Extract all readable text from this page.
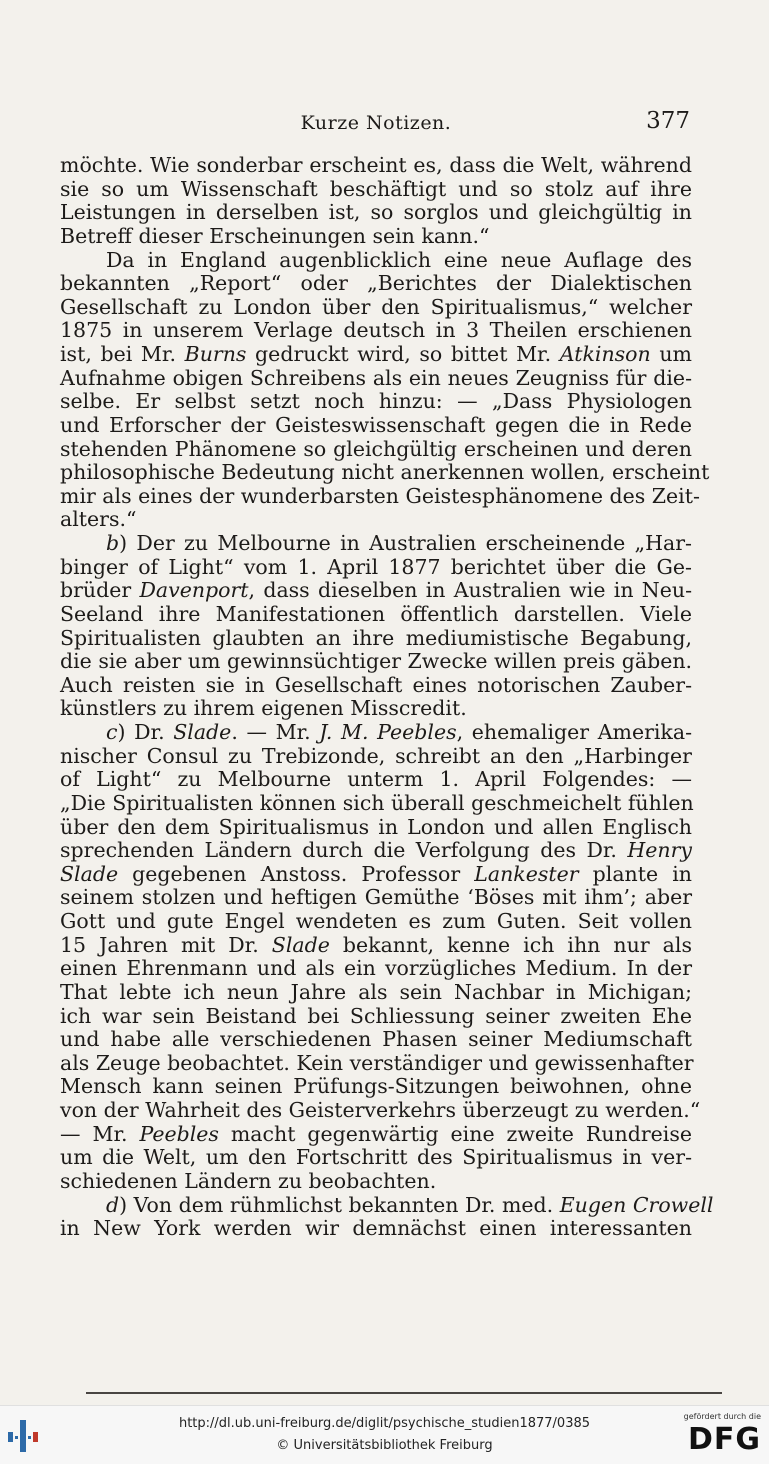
Kurze Notizen.	377
möchte. Wie sonderbar erscheint es, dass die Welt, während
sie so um Wissenschaft beschäftigt und so stolz auf ihre
Leistungen in derselben ist, so sorglos und gleichgültig in
Betreff dieser Erscheinungen sein kann.“
Da in England augenblicklich eine neue Auflage des
bekannten „Report“ oder „Berichtes der Dialektischen
Gesellschaft zu London über den Spiritualismus,“ welcher
1875 in unserem Verlage deutsch in 3 Theilen erschienen
ist, bei Mr. Burns gedruckt wird, so bittet Mr. Atkinson um
Aufnahme obigen Schreibens als ein neues Zeugniss für die-
selbe. Er selbst setzt noch hinzu: — „Dass Physiologen
und Erforscher der Geisteswissenschaft gegen die in Rede
stehenden Phänomene so gleichgültig erscheinen und deren
philosophische Bedeutung nicht anerkennen wollen, erscheint
mir als eines der wunderbarsten Geistesphänomene des Zeit-
alters.“
b) Der zu Melbourne in Australien erscheinende „Har-
binger of Light“ vom 1. April 1877 berichtet über die Ge-
brüder Davenport, dass dieselben in Australien wie in Neu-
Seeland ihre Manifestationen öffentlich darstellen. Viele
Spiritualisten glaubten an ihre mediumistische Begabung,
die sie aber um gewinnsüchtiger Zwecke willen preis gäben.
Auch reisten sie in Gesellschaft eines notorischen Zauber-
künstlers zu ihrem eigenen Misscredit.
c) Dr. Slade. — Mr. J. M. Peebles, ehemaliger Amerika-
nischer Consul zu Trebizonde, schreibt an den „Harbinger
of Light“ zu Melbourne unterm 1. April Folgendes: —
„Die Spiritualisten können sich überall geschmeichelt fühlen
über den dem Spiritualismus in London und allen Englisch
sprechenden Ländern durch die Verfolgung des Dr. Henry
Slade gegebenen Anstoss. Professor Lankester plante in
seinem stolzen und heftigen Gemüthe ‘Böses mit ihm’; aber
Gott und gute Engel wendeten es zum Guten. Seit vollen
15 Jahren mit Dr. Slade bekannt, kenne ich ihn nur als
einen Ehrenmann und als ein vorzügliches Medium. In der
That lebte ich neun Jahre als sein Nachbar in Michigan;
ich war sein Beistand bei Schliessung seiner zweiten Ehe
und habe alle verschiedenen Phasen seiner Mediumschaft
als Zeuge beobachtet. Kein verständiger und gewissenhafter
Mensch kann seinen Prüfungs-Sitzungen beiwohnen, ohne
von der Wahrheit des Geisterverkehrs überzeugt zu werden.“
— Mr. Peebles macht gegenwärtig eine zweite Rundreise
um die Welt, um den Fortschritt des Spiritualismus in ver-
schiedenen Ländern zu beobachten.
d) Von dem rühmlichst bekannten Dr. med. Eugen Crowell
in New York werden wir demnächst einen interessanten
http://dl.ub.uni-freiburg.de/diglit/psychische_studien1877/0385
© Universitätsbibliothek Freiburg
gefördert durch die
DFG
